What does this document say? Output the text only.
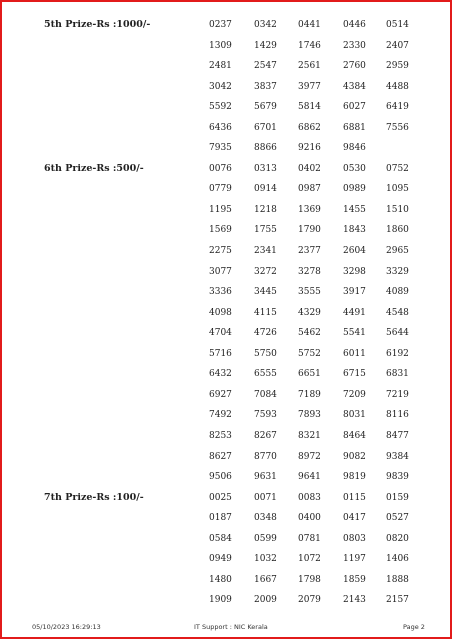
5th Prize-Rs :1000/-	0237 0342 0441 0446 0514
1309 1429 1746 2330 2407
2481 2547 2561 2760 2959
3042 3837 3977 4384 4488
5592 5679 5814 6027 6419
6436 6701 6862 6881 7556
7935 8866 9216 9846
6th Prize-Rs :500/-	0076 0313 0402 0530 0752
0779 0914 0987 0989 1095
1195 1218 1369 1455 1510
1569 1755 1790 1843 1860
2275 2341 2377 2604 2965
3077 3272 3278 3298 3329
3336 3445 3555 3917 4089
4098 4115 4329 4491 4548
4704 4726 5462 5541 5644
5716 5750 5752 6011 6192
6432 6555 6651 6715 6831
6927 7084 7189 7209 7219
7492 7593 7893 8031 8116
8253 8267 8321 8464 8477
8627 8770 8972 9082 9384
9506 9631 9641 9819 9839
7th Prize-Rs :100/-	0025 0071 0083 0115 0159
0187 0348 0400 0417 0527
0584 0599 0781 0803 0820
0949 1032 1072 1197 1406
1480 1667 1798 1859 1888
1909 2009 2079 2143 2157
05/10/2023 16:29:13	IT Support : NIC Kerala	Page 2
